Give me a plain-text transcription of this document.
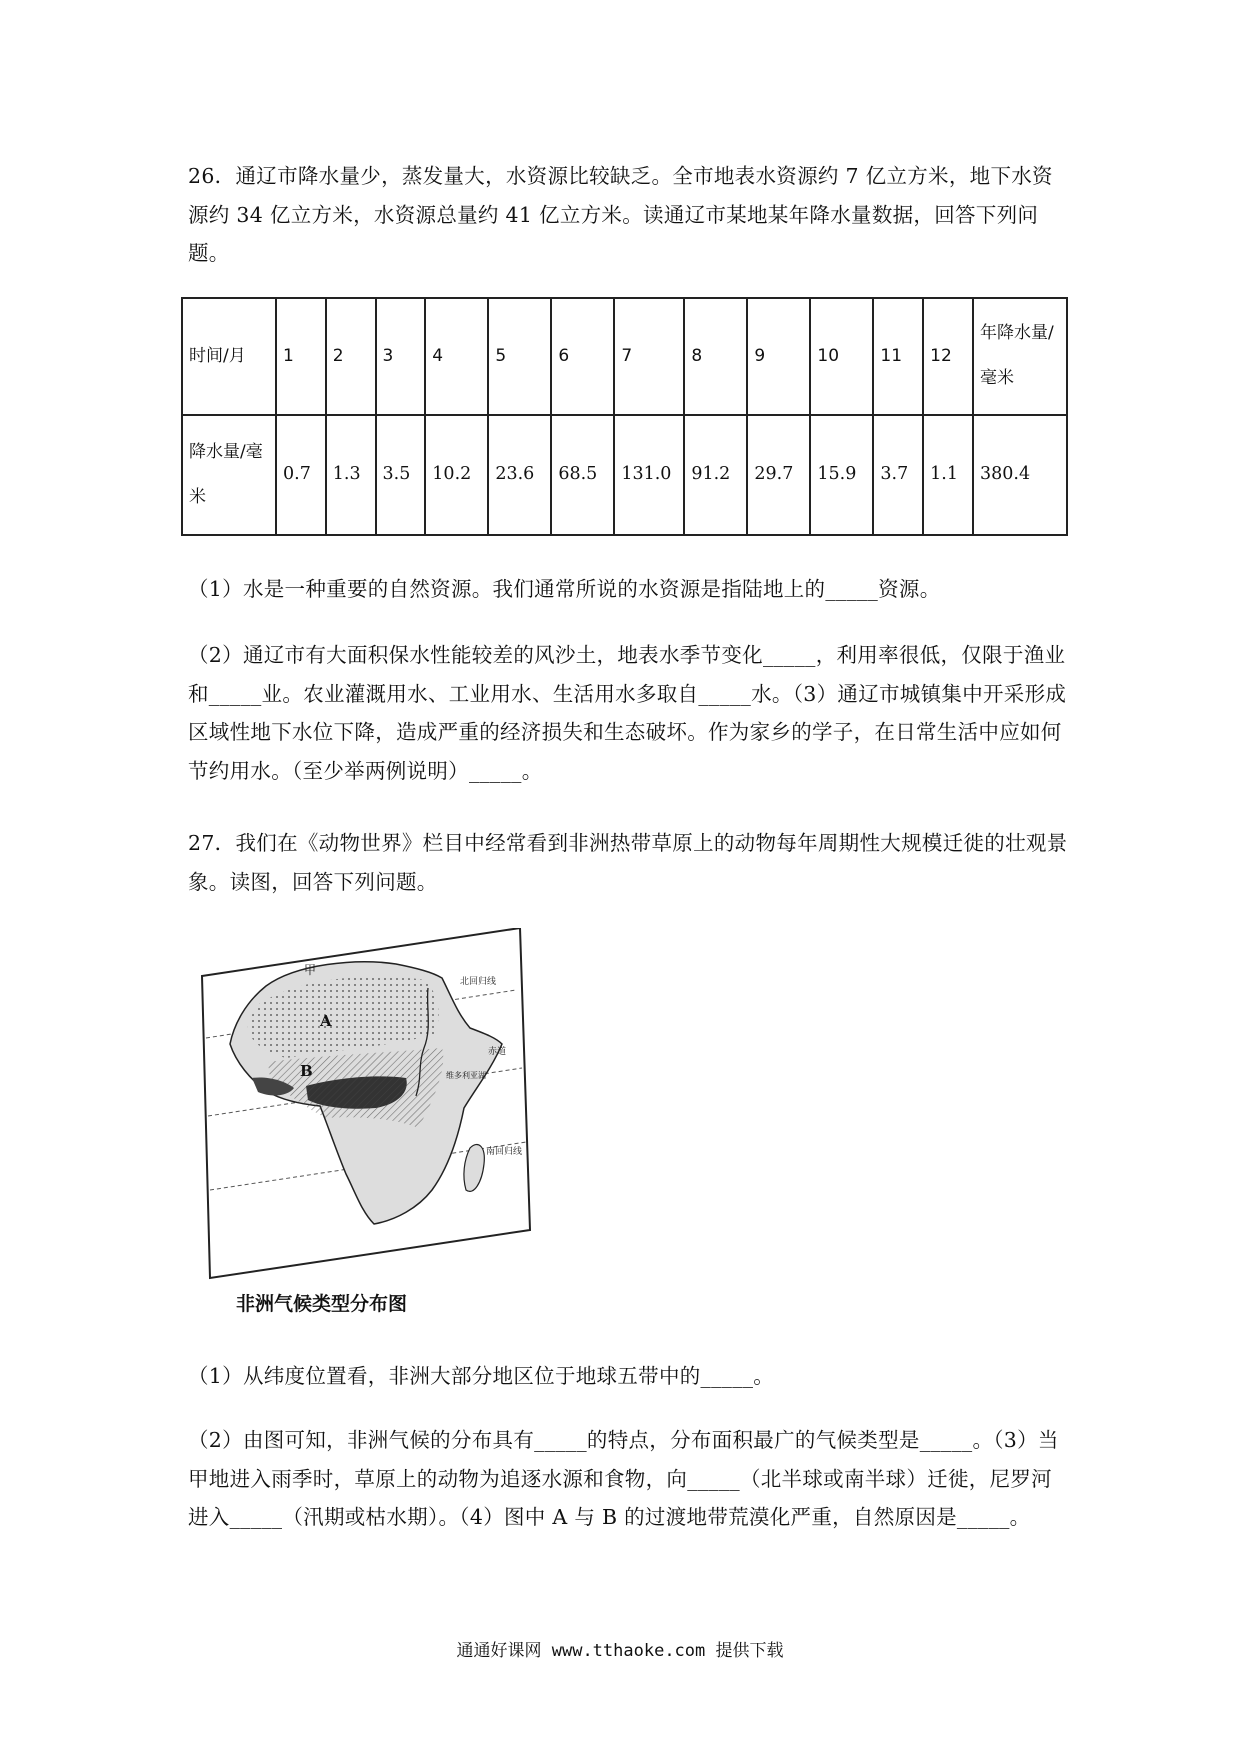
26．通辽市降水量少，蒸发量大，水资源比较缺乏。全市地表水资源约 7 亿立方米，地下水资源约 34 亿立方米，水资源总量约 41 亿立方米。读通辽市某地某年降水量数据，回答下列问题。
时间/月	1	2	3	4	5	6	7	8	9	10	11	12	年降水量/毫米
降水量/毫米	0.7	1.3	3.5	10.2	23.6	68.5	131.0	91.2	29.7	15.9	3.7	1.1	380.4
（1）水是一种重要的自然资源。我们通常所说的水资源是指陆地上的_____资源。
（2）通辽市有大面积保水性能较差的风沙土，地表水季节变化_____，利用率很低，仅限于渔业和_____业。农业灌溉用水、工业用水、生活用水多取自_____水。（3）通辽市城镇集中开采形成区域性地下水位下降，造成严重的经济损失和生态破坏。作为家乡的学子，在日常生活中应如何节约用水。（至少举两例说明）_____。
27．我们在《动物世界》栏目中经常看到非洲热带草原上的动物每年周期性大规模迁徙的壮观景象。读图，回答下列问题。
甲
A
B
北回归线
赤道
维多利亚湖
南回归线
非洲气候类型分布图
（1）从纬度位置看，非洲大部分地区位于地球五带中的_____。
（2）由图可知，非洲气候的分布具有_____的特点，分布面积最广的气候类型是_____。（3）当甲地进入雨季时，草原上的动物为追逐水源和食物，向_____（北半球或南半球）迁徙，尼罗河进入_____（汛期或枯水期）。（4）图中 A 与 B 的过渡地带荒漠化严重，自然原因是_____。
通通好课网 www.tthaoke.com 提供下载
